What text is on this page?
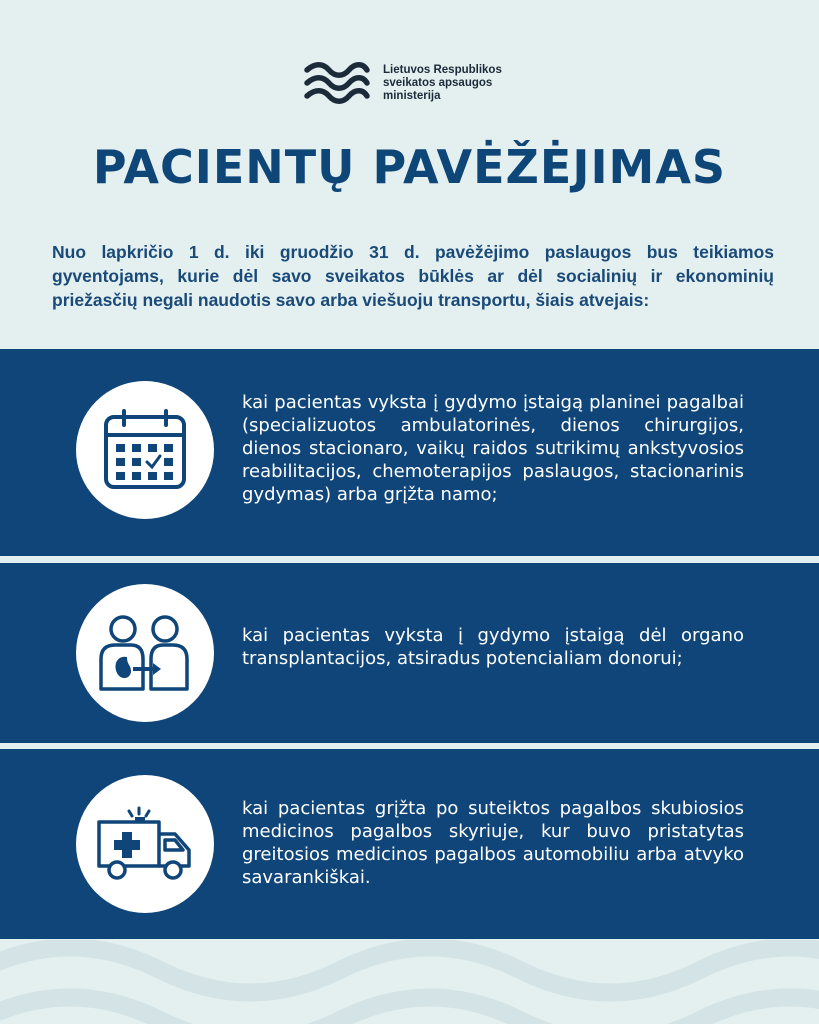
Lietuvos Respublikos
sveikatos apsaugos
ministerija
PACIENTŲ PAVĖŽĖJIMAS

Nuo lapkričio 1 d. iki gruodžio 31 d. pavėžėjimo paslaugos bus teikiamos gyventojams, kurie dėl savo sveikatos būklės ar dėl socialinių ir ekonominių priežasčių negali naudotis savo arba viešuoju transportu, šiais atvejais:

kai pacientas vyksta į gydymo įstaigą planinei pagalbai (specializuotos ambulatorinės, dienos chirurgijos, dienos stacionaro, vaikų raidos sutrikimų ankstyvosios reabilitacijos, chemoterapijos paslaugos, stacionarinis gydymas) arba grįžta namo;

kai pacientas vyksta į gydymo įstaigą dėl organo transplantacijos, atsiradus potencialiam donorui;

kai pacientas grįžta po suteiktos pagalbos skubiosios medicinos pagalbos skyriuje, kur buvo pristatytas greitosios medicinos pagalbos automobiliu arba atvyko savarankiškai.
